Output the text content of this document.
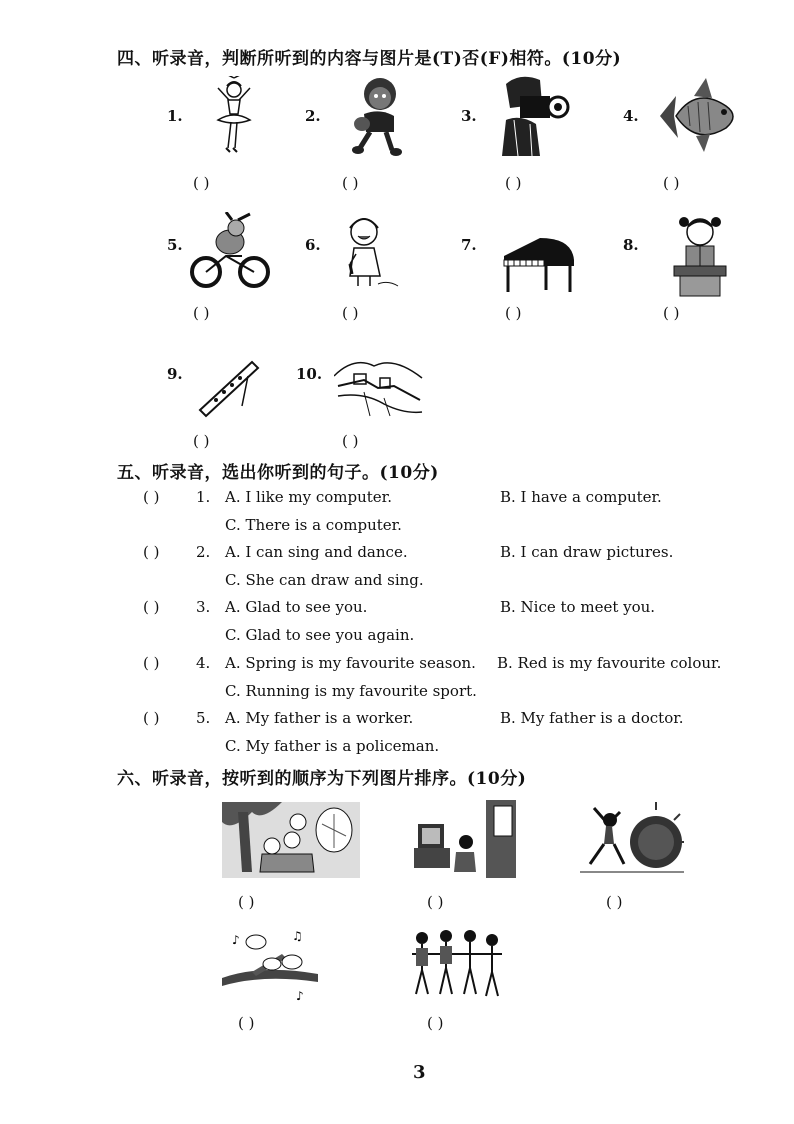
四、听录音，判断所听到的内容与图片是(T)否(F)相符。(10分)
1.	2.	3.	4.
( )	( )	( )	( )
5.	6.	7.	8.
( )	( )	( )	( )
9.	10.
( )	( )
五、听录音，选出你听到的句子。(10分)
( ) 1. A. I like my computer.	B. I have a computer.
C. There is a computer.
( ) 2. A. I can sing and dance.	B. I can draw pictures.
C. She can draw and sing.
( ) 3. A. Glad to see you.	B. Nice to meet you.
C. Glad to see you again.
( ) 4. A. Spring is my favourite season. B. Red is my favourite colour.
C. Running is my favourite sport.
( ) 5. A. My father is a worker.	B. My father is a doctor.
C. My father is a policeman.
六、听录音，按听到的顺序为下列图片排序。(10分)
( )	( )	( )
♪	♫
♪
( )	( )
3
